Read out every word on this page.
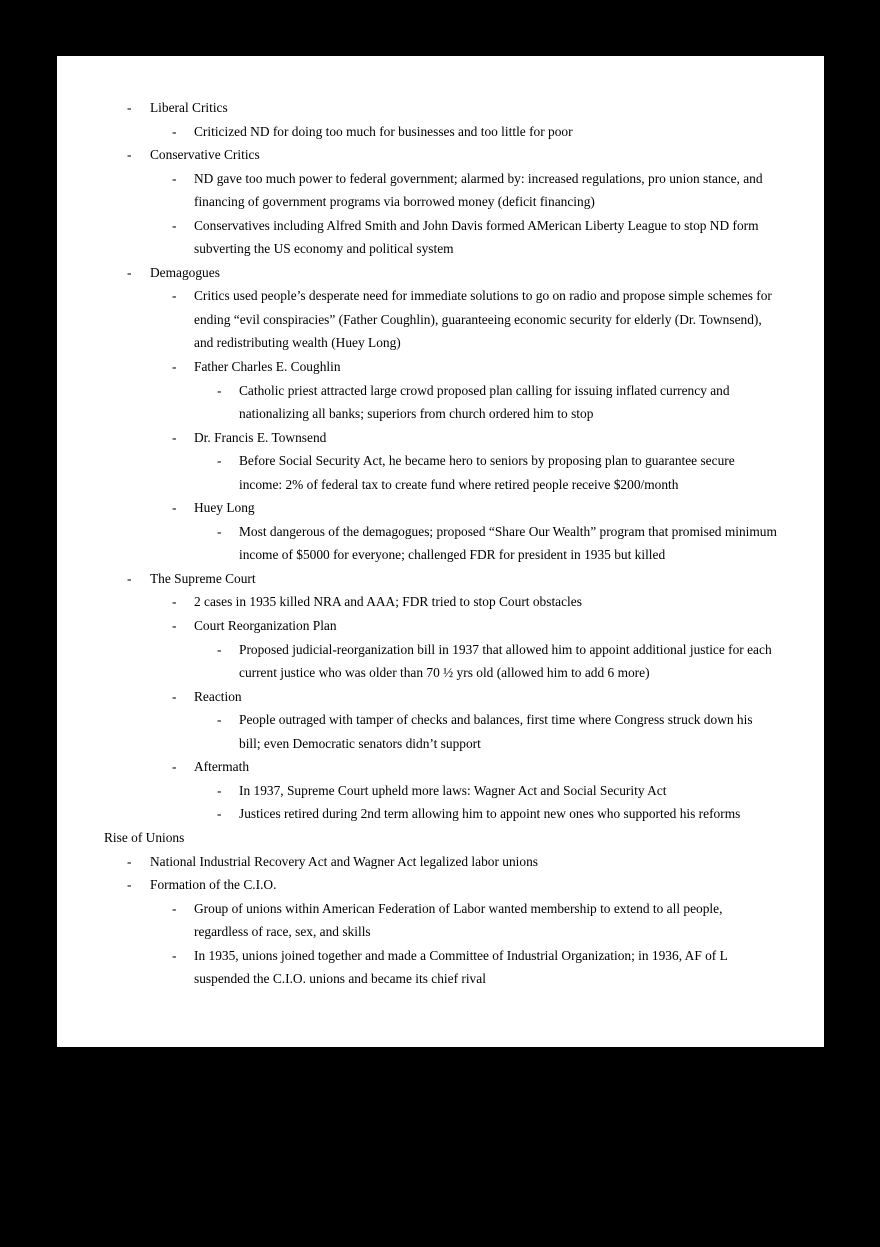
- Liberal Critics
- Criticized ND for doing too much for businesses and too little for poor
- Conservative Critics
- ND gave too much power to federal government; alarmed by: increased regulations, pro union stance, and financing of government programs via borrowed money (deficit financing)
- Conservatives including Alfred Smith and John Davis formed AMerican Liberty League to stop ND form subverting the US economy and political system
- Demagogues
- Critics used people’s desperate need for immediate solutions to go on radio and propose simple schemes for ending “evil conspiracies” (Father Coughlin), guaranteeing economic security for elderly (Dr. Townsend), and redistributing wealth (Huey Long)
- Father Charles E. Coughlin
- Catholic priest attracted large crowd proposed plan calling for issuing inflated currency and nationalizing all banks; superiors from church ordered him to stop
- Dr. Francis E. Townsend
- Before Social Security Act, he became hero to seniors by proposing plan to guarantee secure income: 2% of federal tax to create fund where retired people receive $200/month
- Huey Long
- Most dangerous of the demagogues; proposed “Share Our Wealth” program that promised minimum income of $5000 for everyone; challenged FDR for president in 1935 but killed
- The Supreme Court
- 2 cases in 1935 killed NRA and AAA; FDR tried to stop Court obstacles
- Court Reorganization Plan
- Proposed judicial-reorganization bill in 1937 that allowed him to appoint additional justice for each current justice who was older than 70 ½ yrs old (allowed him to add 6 more)
- Reaction
- People outraged with tamper of checks and balances, first time where Congress struck down his bill; even Democratic senators didn’t support
- Aftermath
- In 1937, Supreme Court upheld more laws: Wagner Act and Social Security Act
- Justices retired during 2nd term allowing him to appoint new ones who supported his reforms
Rise of Unions
- National Industrial Recovery Act and Wagner Act legalized labor unions
- Formation of the C.I.O.
- Group of unions within American Federation of Labor wanted membership to extend to all people, regardless of race, sex, and skills
- In 1935, unions joined together and made a Committee of Industrial Organization; in 1936, AF of L suspended the C.I.O. unions and became its chief rival
